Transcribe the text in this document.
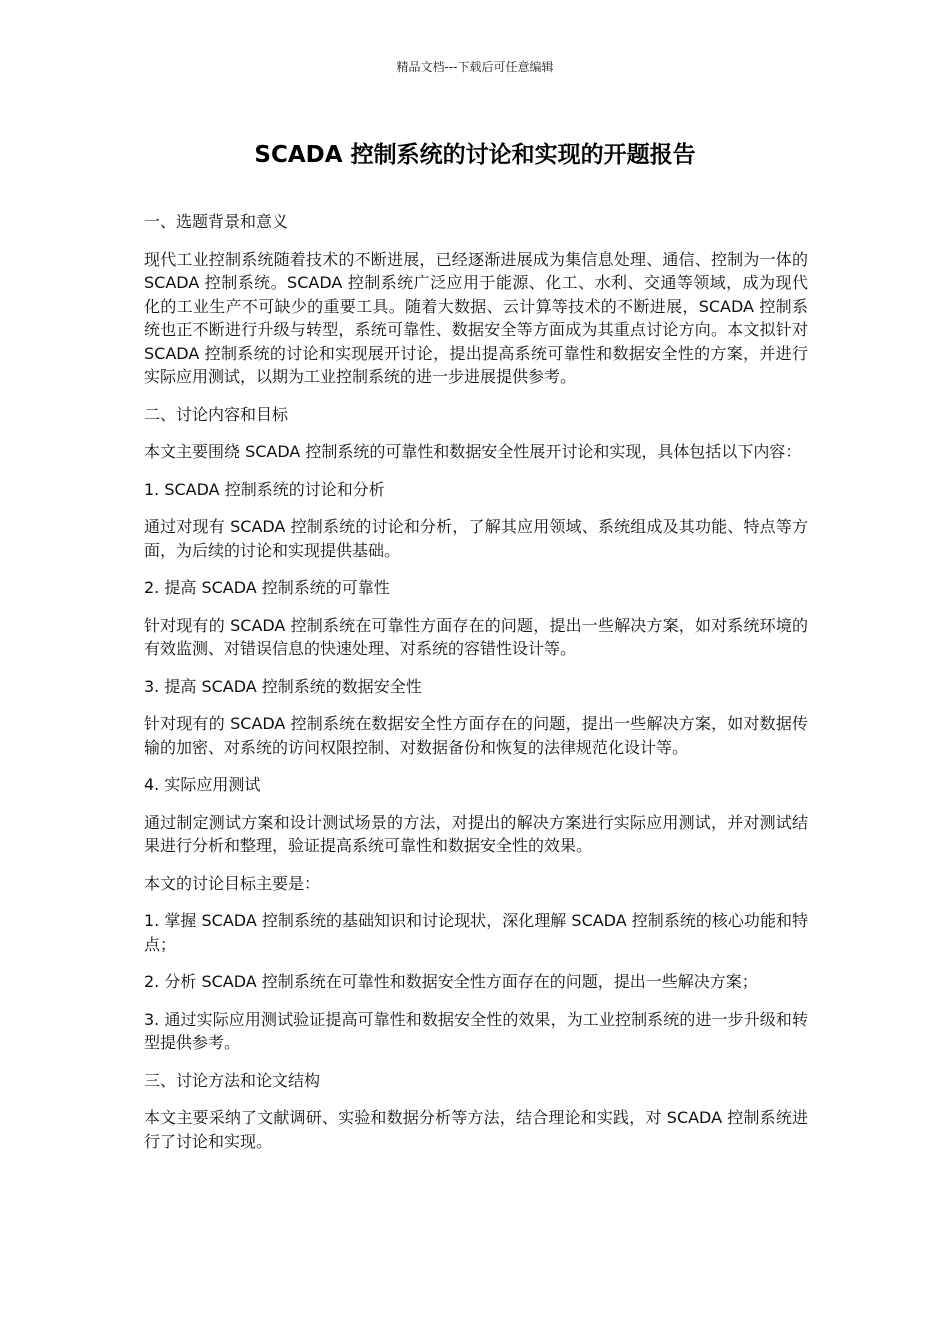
精品文档---下载后可任意编辑
SCADA 控制系统的讨论和实现的开题报告

一、选题背景和意义

现代工业控制系统随着技术的不断进展，已经逐渐进展成为集信息处理、通信、控制为一体的 SCADA 控制系统。SCADA 控制系统广泛应用于能源、化工、水利、交通等领域，成为现代化的工业生产不可缺少的重要工具。随着大数据、云计算等技术的不断进展，SCADA 控制系统也正不断进行升级与转型，系统可靠性、数据安全等方面成为其重点讨论方向。本文拟针对 SCADA 控制系统的讨论和实现展开讨论，提出提高系统可靠性和数据安全性的方案，并进行实际应用测试，以期为工业控制系统的进一步进展提供参考。

二、讨论内容和目标

本文主要围绕 SCADA 控制系统的可靠性和数据安全性展开讨论和实现，具体包括以下内容：

1. SCADA 控制系统的讨论和分析

通过对现有 SCADA 控制系统的讨论和分析，了解其应用领域、系统组成及其功能、特点等方面，为后续的讨论和实现提供基础。

2. 提高 SCADA 控制系统的可靠性

针对现有的 SCADA 控制系统在可靠性方面存在的问题，提出一些解决方案，如对系统环境的有效监测、对错误信息的快速处理、对系统的容错性设计等。

3. 提高 SCADA 控制系统的数据安全性

针对现有的 SCADA 控制系统在数据安全性方面存在的问题，提出一些解决方案，如对数据传输的加密、对系统的访问权限控制、对数据备份和恢复的法律规范化设计等。

4. 实际应用测试

通过制定测试方案和设计测试场景的方法，对提出的解决方案进行实际应用测试，并对测试结果进行分析和整理，验证提高系统可靠性和数据安全性的效果。

本文的讨论目标主要是：

1. 掌握 SCADA 控制系统的基础知识和讨论现状，深化理解 SCADA 控制系统的核心功能和特点；

2. 分析 SCADA 控制系统在可靠性和数据安全性方面存在的问题，提出一些解决方案；

3. 通过实际应用测试验证提高可靠性和数据安全性的效果，为工业控制系统的进一步升级和转型提供参考。

三、讨论方法和论文结构

本文主要采纳了文献调研、实验和数据分析等方法，结合理论和实践，对 SCADA 控制系统进行了讨论和实现。
